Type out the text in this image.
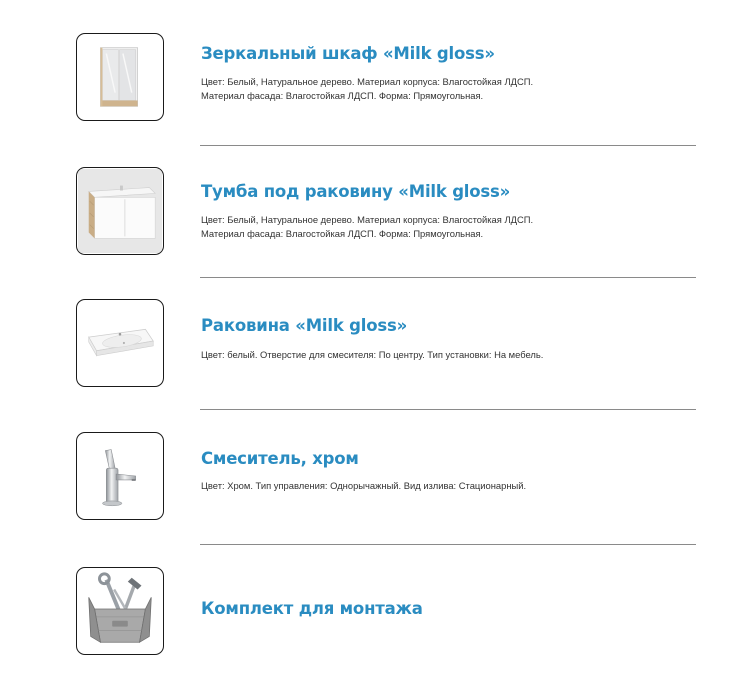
Зеркальный шкаф «Milk gloss»

Цвет: Белый, Натуральное дерево. Материал корпуса: Влагостойкая ЛДСП.
Материал фасада: Влагостойкая ЛДСП. Форма: Прямоугольная.

Тумба под раковину «Milk gloss»

Цвет: Белый, Натуральное дерево. Материал корпуса: Влагостойкая ЛДСП.
Материал фасада: Влагостойкая ЛДСП. Форма: Прямоугольная.

Раковина «Milk gloss»

Цвет: белый. Отверстие для смесителя: По центру. Тип установки: На мебель.

Смеситель, хром

Цвет: Хром. Тип управления: Однорычажный. Вид излива: Стационарный.

Комплект для монтажа
